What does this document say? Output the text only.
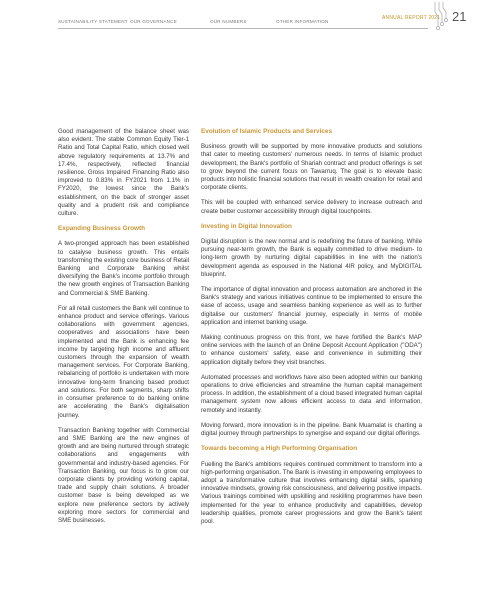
SUSTAINABILITY STATEMENT OUR GOVERNANCE	OUR NUMBERS	OTHER INFORMATION
ANNUAL REPORT 2021 21

Good management of the balance sheet was also evident. The stable Common Equity Tier-1 Ratio and Total Capital Ratio, which closed well above regulatory requirements at 13.7% and 17.4%, respectively, reflected financial resilience. Gross Impaired Financing Ratio also improved to 0.83% in FY2021 from 1.1% in FY2020, the lowest since the Bank's establishment, on the back of stronger asset quality and a prudent risk and compliance culture.

Expanding Business Growth

A two-pronged approach has been established to catalyse business growth. This entails transforming the existing core business of Retail Banking and Corporate Banking whilst diversifying the Bank's income portfolio through the new growth engines of Transaction Banking and Commercial & SME Banking.

For all retail customers the Bank will continue to enhance product and service offerings. Various collaborations with government agencies, cooperatives and associations have been implemented and the Bank is enhancing fee income by targeting high income and affluent customers through the expansion of wealth management services. For Corporate Banking, rebalancing of portfolio is undertaken with more innovative long-term financing based product and solutions. For both segments, sharp shifts in consumer preference to do banking online are accelerating the Bank's digitalisation journey.

Transaction Banking together with Commercial and SME Banking are the new engines of growth and are being nurtured through strategic collaborations and engagements with governmental and industry-based agencies. For Transaction Banking, our focus is to grow our corporate clients by providing working capital, trade and supply chain solutions. A broader customer base is being developed as we explore new preference sectors by actively exploring more sectors for commercial and SME businesses.

Evolution of Islamic Products and Services

Business growth will be supported by more innovative products and solutions that cater to meeting customers' numerous needs. In terms of Islamic product development, the Bank's portfolio of Shariah contract and product offerings is set to grow beyond the current focus on Tawarruq. The goal is to elevate basic products into holistic financial solutions that result in wealth creation for retail and corporate clients.

This will be coupled with enhanced service delivery to increase outreach and create better customer accessibility through digital touchpoints.

Investing in Digital Innovation

Digital disruption is the new normal and is redefining the future of banking. While pursuing near-term growth, the Bank is equally committed to drive medium- to long-term growth by nurturing digital capabilities in line with the nation's development agenda as espoused in the National 4IR policy, and MyDIGITAL blueprint.

The importance of digital innovation and process automation are anchored in the Bank's strategy and various initiatives continue to be implemented to ensure the ease of access, usage and seamless banking experience as well as to further digitalise our customers' financial journey, especially in terms of mobile application and internet banking usage.

Making continuous progress on this front, we have fortified the Bank's MAP online services with the launch of an Online Deposit Account Application ("ODA") to enhance customers' safety, ease and convenience in submitting their application digitally before they visit branches.

Automated processes and workflows have also been adopted within our banking operations to drive efficiencies and streamline the human capital management process. In addition, the establishment of a cloud based integrated human capital management system now allows efficient access to data and information, remotely and instantly.

Moving forward, more innovation is in the pipeline. Bank Muamalat is charting a digital journey through partnerships to synergise and expand our digital offerings.

Towards becoming a High Performing Organisation

Fuelling the Bank's ambitions requires continued commitment to transform into a high-performing organisation. The Bank is investing in empowering employees to adopt a transformative culture that involves enhancing digital skills, sparking innovative mindsets, growing risk consciousness, and delivering positive impacts. Various trainings combined with upskilling and reskilling programmes have been implemented for the year to enhance productivity and capabilities, develop leadership qualities, promote career progressions and grow the Bank's talent pool.
